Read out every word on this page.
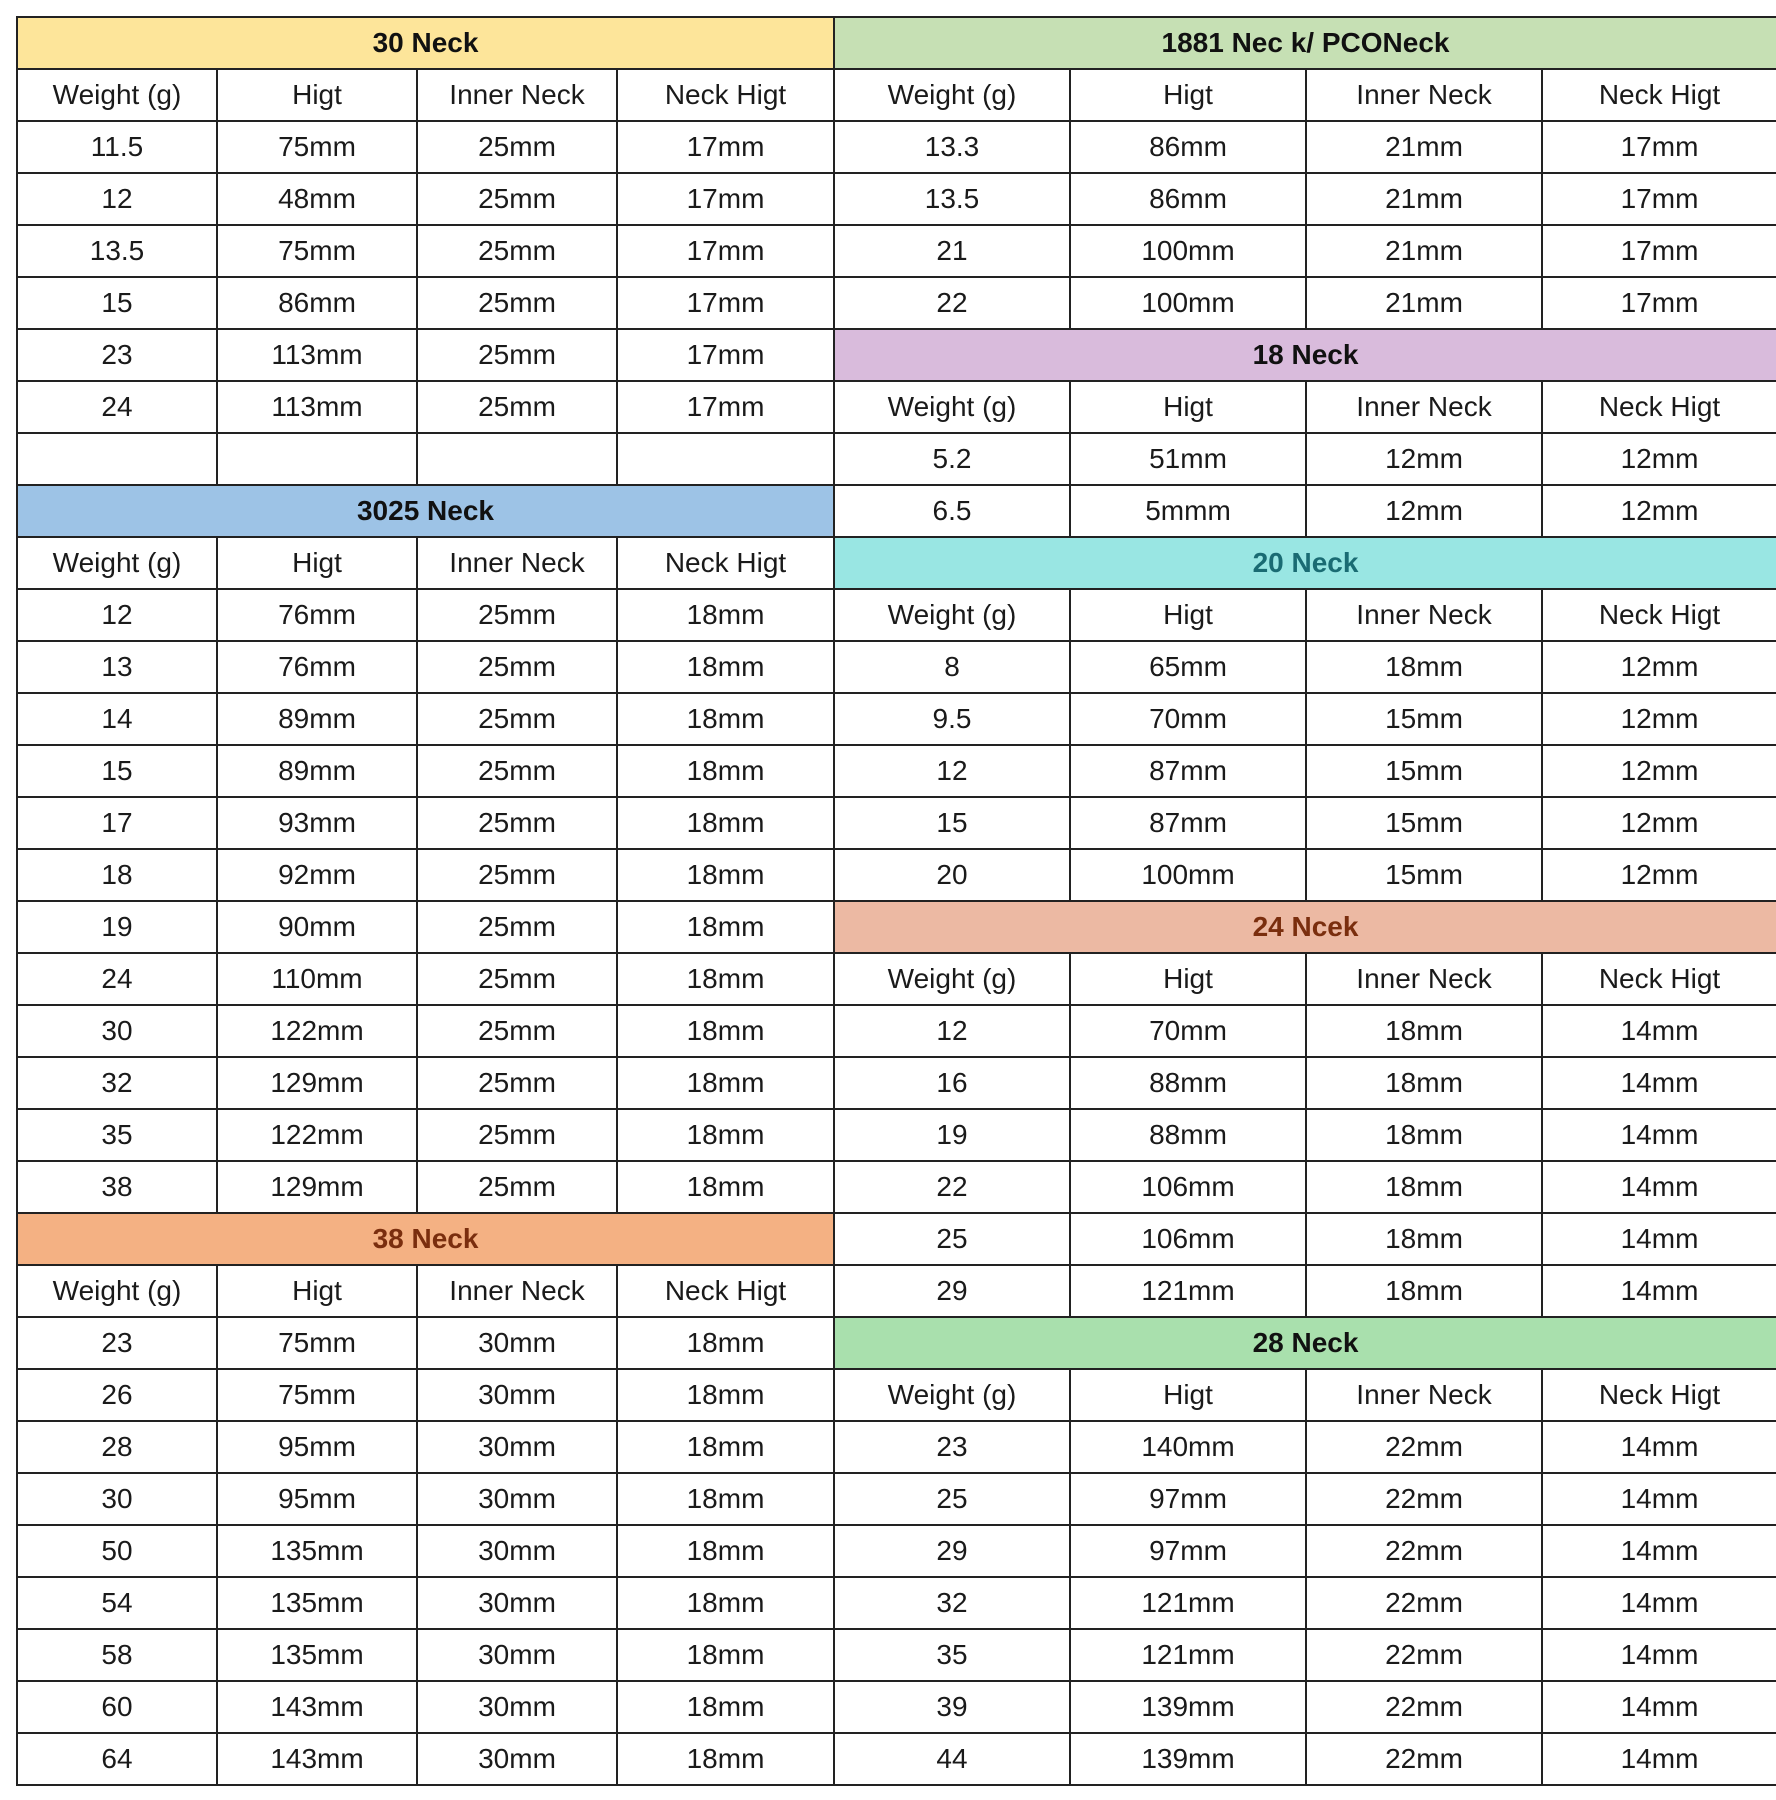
30 Neck
Weight (g)	Higt	Inner Neck	Neck Higt
11.5	75mm	25mm	17mm
12	48mm	25mm	17mm
13.5	75mm	25mm	17mm
15	86mm	25mm	17mm
23	113mm	25mm	17mm
24	113mm	25mm	17mm
3025 Neck
Weight (g)	Higt	Inner Neck	Neck Higt
12	76mm	25mm	18mm
13	76mm	25mm	18mm
14	89mm	25mm	18mm
15	89mm	25mm	18mm
17	93mm	25mm	18mm
18	92mm	25mm	18mm
19	90mm	25mm	18mm
24	110mm	25mm	18mm
30	122mm	25mm	18mm
32	129mm	25mm	18mm
35	122mm	25mm	18mm
38	129mm	25mm	18mm
38 Neck
Weight (g)	Higt	Inner Neck	Neck Higt
23	75mm	30mm	18mm
26	75mm	30mm	18mm
28	95mm	30mm	18mm
30	95mm	30mm	18mm
50	135mm	30mm	18mm
54	135mm	30mm	18mm
58	135mm	30mm	18mm
60	143mm	30mm	18mm
64	143mm	30mm	18mm
1881 Nec k/ PCONeck
Weight (g)	Higt	Inner Neck	Neck Higt
13.3	86mm	21mm	17mm
13.5	86mm	21mm	17mm
21	100mm	21mm	17mm
22	100mm	21mm	17mm
18 Neck
Weight (g)	Higt	Inner Neck	Neck Higt
5.2	51mm	12mm	12mm
6.5	5mmm	12mm	12mm
20 Neck
Weight (g)	Higt	Inner Neck	Neck Higt
8	65mm	18mm	12mm
9.5	70mm	15mm	12mm
12	87mm	15mm	12mm
15	87mm	15mm	12mm
20	100mm	15mm	12mm
24 Ncek
Weight (g)	Higt	Inner Neck	Neck Higt
12	70mm	18mm	14mm
16	88mm	18mm	14mm
19	88mm	18mm	14mm
22	106mm	18mm	14mm
25	106mm	18mm	14mm
29	121mm	18mm	14mm
28 Neck
Weight (g)	Higt	Inner Neck	Neck Higt
23	140mm	22mm	14mm
25	97mm	22mm	14mm
29	97mm	22mm	14mm
32	121mm	22mm	14mm
35	121mm	22mm	14mm
39	139mm	22mm	14mm
44	139mm	22mm	14mm
